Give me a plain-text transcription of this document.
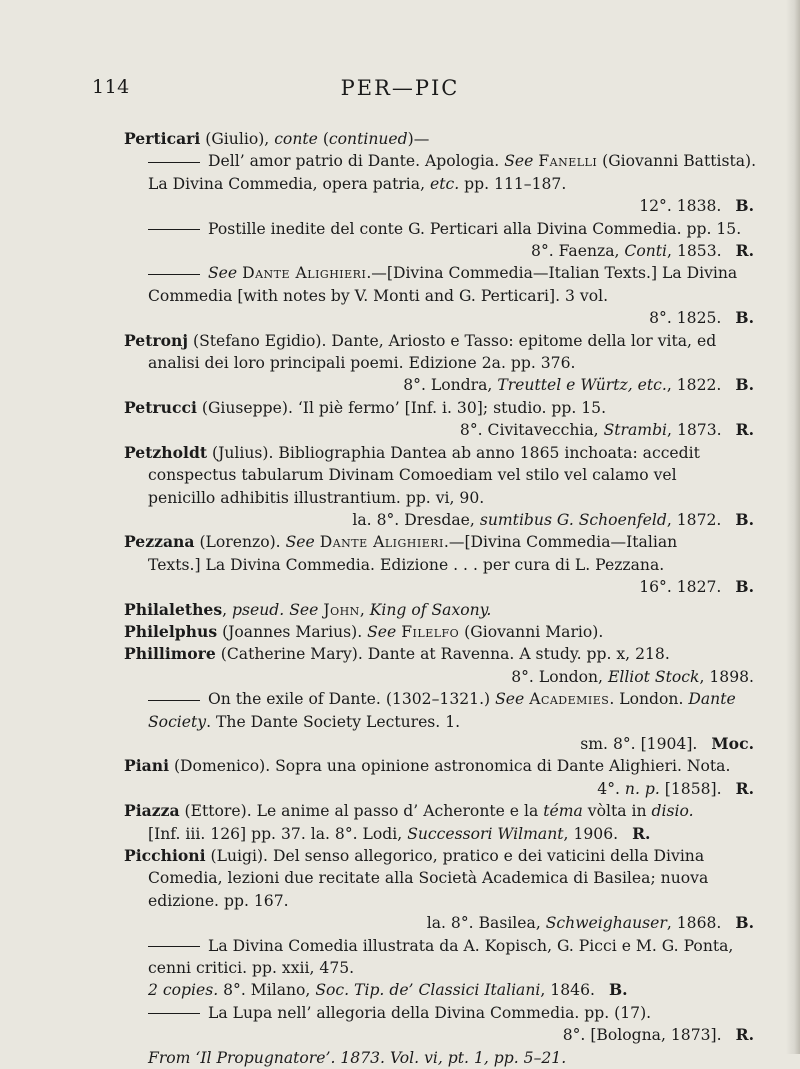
114	PER—PIC
Perticari (Giulio), conte (continued)—
Dell’ amor patrio di Dante. Apologia. See Fanelli (Giovanni Battista).
La Divina Commedia, opera patria, etc. pp. 111–187.
12°. 1838. B.
Postille inedite del conte G. Perticari alla Divina Commedia. pp. 15.
8°. Faenza, Conti, 1853. R.
See Dante Alighieri.—[Divina Commedia—Italian Texts.] La Divina
Commedia [with notes by V. Monti and G. Perticari]. 3 vol.
8°. 1825. B.
Petronj (Stefano Egidio). Dante, Ariosto e Tasso: epitome della lor vita, ed
analisi dei loro principali poemi. Edizione 2a. pp. 376.
8°. Londra, Treuttel e Würtz, etc., 1822. B.
Petrucci (Giuseppe). ‘Il piè fermo’ [Inf. i. 30]; studio. pp. 15.
8°. Civitavecchia, Strambi, 1873. R.
Petzholdt (Julius). Bibliographia Dantea ab anno 1865 inchoata: accedit
conspectus tabularum Divinam Comoediam vel stilo vel calamo vel
penicillo adhibitis illustrantium. pp. vi, 90.
la. 8°. Dresdae, sumtibus G. Schoenfeld, 1872. B.
Pezzana (Lorenzo). See Dante Alighieri.—[Divina Commedia—Italian
Texts.] La Divina Commedia. Edizione . . . per cura di L. Pezzana.
16°. 1827. B.
Philalethes, pseud. See John, King of Saxony.
Philelphus (Joannes Marius). See Filelfo (Giovanni Mario).
Phillimore (Catherine Mary). Dante at Ravenna. A study. pp. x, 218.
8°. London, Elliot Stock, 1898.
On the exile of Dante. (1302–1321.) See Academies. London. Dante
Society. The Dante Society Lectures. 1.
sm. 8°. [1904]. Moc.
Piani (Domenico). Sopra una opinione astronomica di Dante Alighieri. Nota.
4°. n. p. [1858]. R.
Piazza (Ettore). Le anime al passo d’ Acheronte e la téma vòlta in disio.
[Inf. iii. 126] pp. 37. la. 8°. Lodi, Successori Wilmant, 1906. R.
Picchioni (Luigi). Del senso allegorico, pratico e dei vaticini della Divina
Comedia, lezioni due recitate alla Società Academica di Basilea; nuova
edizione. pp. 167.
la. 8°. Basilea, Schweighauser, 1868. B.
La Divina Comedia illustrata da A. Kopisch, G. Picci e M. G. Ponta,
cenni critici. pp. xxii, 475.
2 copies. 8°. Milano, Soc. Tip. de’ Classici Italiani, 1846. B.
La Lupa nell’ allegoria della Divina Commedia. pp. (17).
8°. [Bologna, 1873]. R.
From ‘Il Propugnatore’. 1873. Vol. vi, pt. 1, pp. 5–21.
